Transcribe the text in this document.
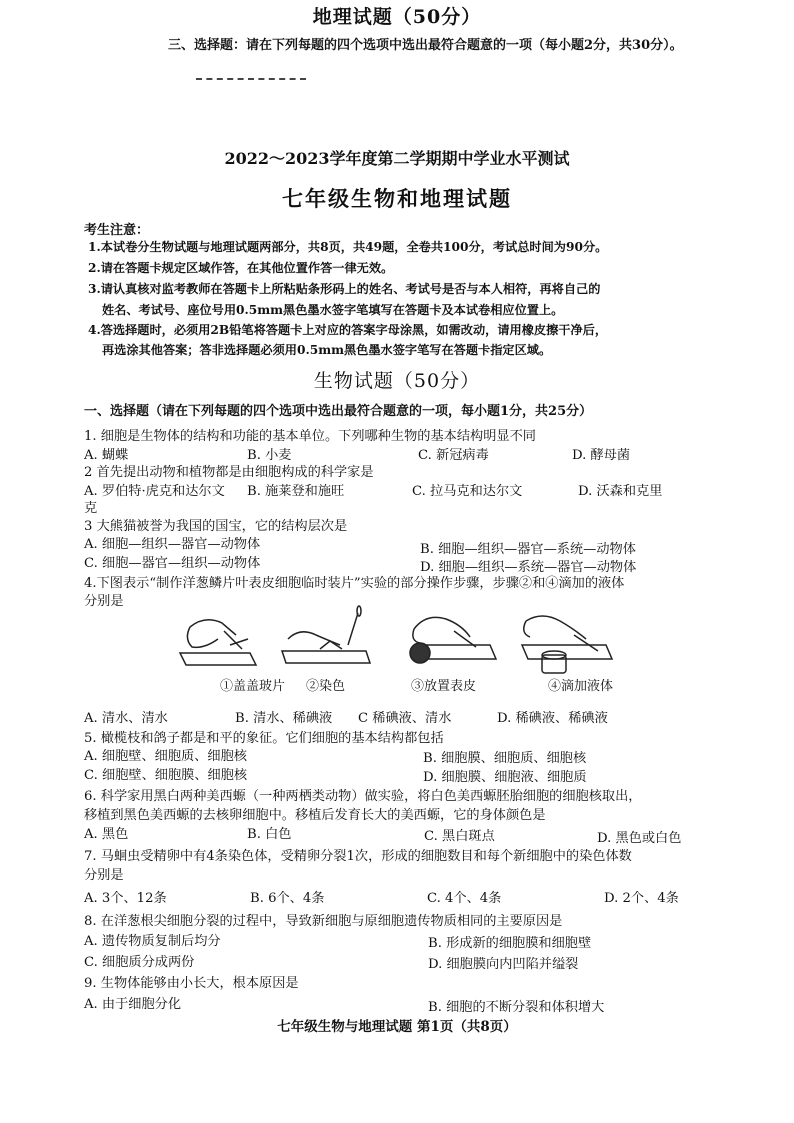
地理试题（50分）
三、选择题：请在下列每题的四个选项中选出最符合题意的一项（每小题2分，共30分）。
2022～2023学年度第二学期期中学业水平测试
七年级生物和地理试题
考生注意：
1.本试卷分生物试题与地理试题两部分，共8页，共49题，全卷共100分，考试总时间为90分。
2.请在答题卡规定区域作答，在其他位置作答一律无效。
3.请认真核对监考教师在答题卡上所粘贴条形码上的姓名、考试号是否与本人相符，再将自己的
姓名、考试号、座位号用0.5mm黑色墨水签字笔填写在答题卡及本试卷相应位置上。
4.答选择题时，必须用2B铅笔将答题卡上对应的答案字母涂黑，如需改动，请用橡皮擦干净后，
再选涂其他答案；答非选择题必须用0.5mm黑色墨水签字笔写在答题卡指定区域。
生物试题（50分）
一、选择题（请在下列每题的四个选项中选出最符合题意的一项，每小题1分，共25分）
1. 细胞是生物体的结构和功能的基本单位。下列哪种生物的基本结构明显不同
A. 蝴蝶	B. 小麦	C. 新冠病毒	D. 酵母菌
2 首先提出动物和植物都是由细胞构成的科学家是
A. 罗伯特·虎克和达尔文 B. 施莱登和施旺	C. 拉马克和达尔文	D. 沃森和克里
克
3 大熊猫被誉为我国的国宝，它的结构层次是
A. 细胞—组织—器官—动物体	B. 细胞—组织—器官—系统—动物体
C. 细胞—器官—组织—动物体	D. 细胞—组织—系统—器官—动物体
4.下图表示“制作洋葱鳞片叶表皮细胞临时装片”实验的部分操作步骤，步骤②和④滴加的液体
分别是
①盖盖玻片 ②染色	③放置表皮	④滴加液体
A. 清水、清水	B. 清水、稀碘液 C 稀碘液、清水	D. 稀碘液、稀碘液
5. 橄榄枝和鸽子都是和平的象征。它们细胞的基本结构都包括
A. 细胞壁、细胞质、细胞核	B. 细胞膜、细胞质、细胞核
C. 细胞壁、细胞膜、细胞核	D. 细胞膜、细胞液、细胞质
6. 科学家用黑白两种美西螈（一种两栖类动物）做实验，将白色美西螈胚胎细胞的细胞核取出，
移植到黑色美西螈的去核卵细胞中。移植后发育长大的美西螈，它的身体颜色是
A. 黑色	B. 白色	C. 黑白斑点	D. 黑色或白色
7. 马蛔虫受精卵中有4条染色体，受精卵分裂1次，形成的细胞数目和每个新细胞中的染色体数
分别是
A. 3个、12条	B. 6个、4条	C. 4个、4条	D. 2个、4条
8. 在洋葱根尖细胞分裂的过程中，导致新细胞与原细胞遗传物质相同的主要原因是
A. 遗传物质复制后均分	B. 形成新的细胞膜和细胞壁
C. 细胞质分成两份	D. 细胞膜向内凹陷并缢裂
9. 生物体能够由小长大，根本原因是
A. 由于细胞分化	B. 细胞的不断分裂和体积增大
七年级生物与地理试题 第1页（共8页）
